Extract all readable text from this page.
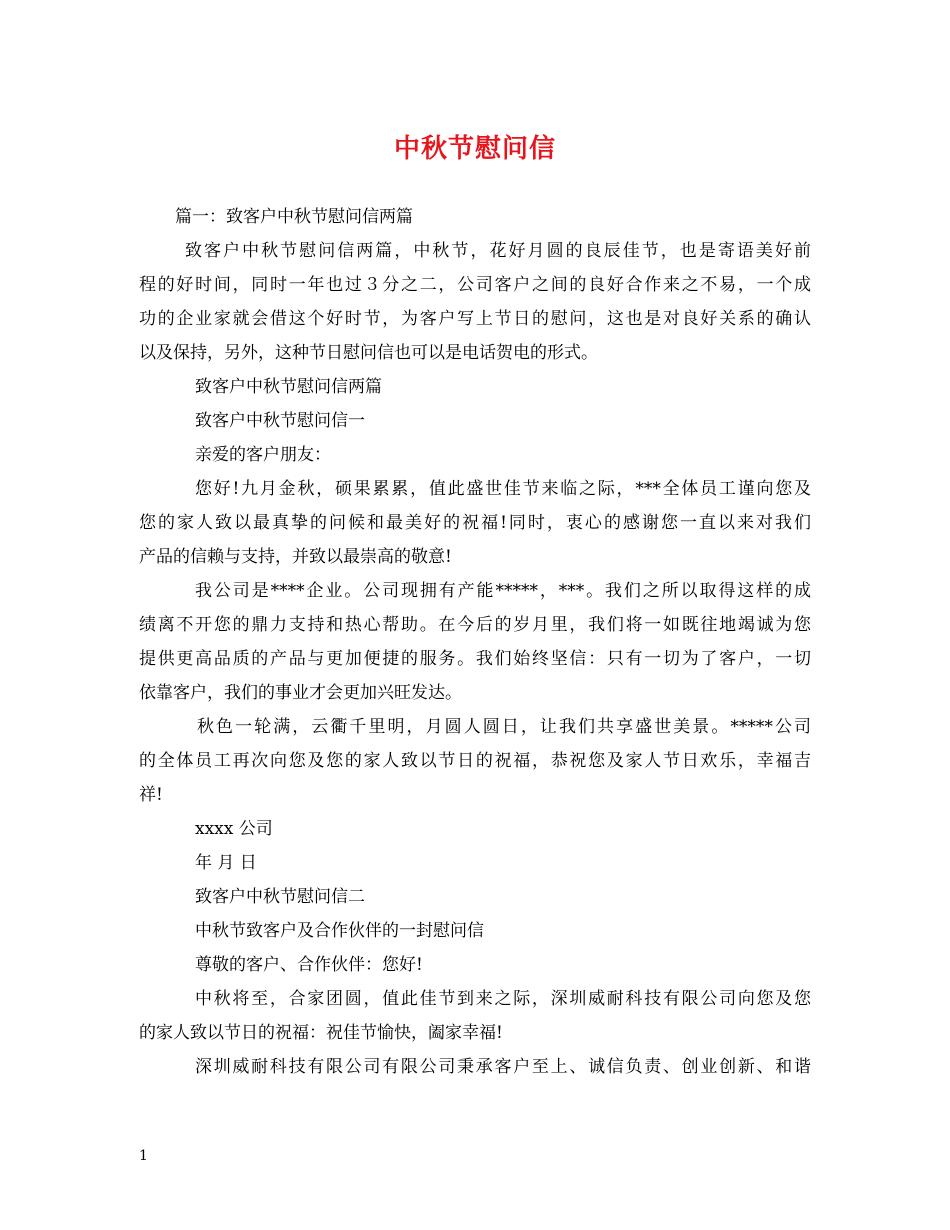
中秋节慰问信
篇一：致客户中秋节慰问信两篇
致客户中秋节慰问信两篇，中秋节，花好月圆的良辰佳节，也是寄语美好前
程的好时间，同时一年也过３分之二，公司客户之间的良好合作来之不易，一个成
功的企业家就会借这个好时节，为客户写上节日的慰问，这也是对良好关系的确认
以及保持，另外，这种节日慰问信也可以是电话贺电的形式。
致客户中秋节慰问信两篇
致客户中秋节慰问信一
亲爱的客户朋友：
您好!九月金秋，硕果累累，值此盛世佳节来临之际，***全体员工谨向您及
您的家人致以最真挚的问候和最美好的祝福!同时，衷心的感谢您一直以来对我们
产品的信赖与支持，并致以最崇高的敬意!
我公司是****企业。公司现拥有产能*****，***。我们之所以取得这样的成
绩离不开您的鼎力支持和热心帮助。在今后的岁月里，我们将一如既往地竭诚为您
提供更高品质的产品与更加便捷的服务。我们始终坚信：只有一切为了客户，一切
依靠客户，我们的事业才会更加兴旺发达。
秋色一轮满，云衢千里明，月圆人圆日，让我们共享盛世美景。*****公司
的全体员工再次向您及您的家人致以节日的祝福，恭祝您及家人节日欢乐，幸福吉
祥!
xxxx 公司
年 月 日
致客户中秋节慰问信二
中秋节致客户及合作伙伴的一封慰问信
尊敬的客户、合作伙伴：您好!
中秋将至，合家团圆，值此佳节到来之际，深圳威耐科技有限公司向您及您
的家人致以节日的祝福：祝佳节愉快，阖家幸福!
深圳威耐科技有限公司有限公司秉承客户至上、诚信负责、创业创新、和谐
1
